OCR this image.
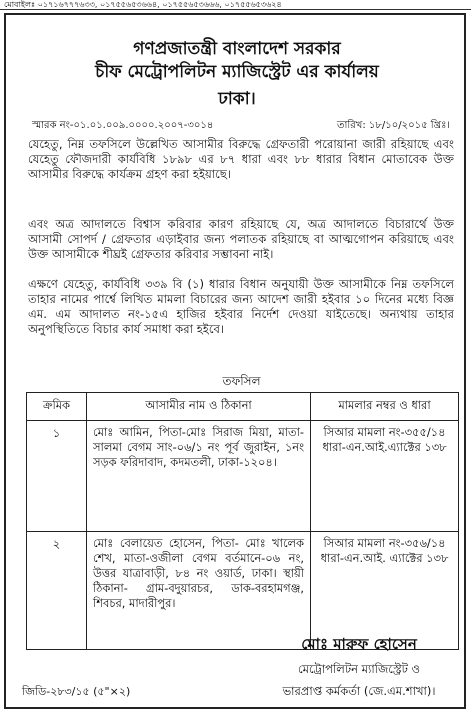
মোবাইলঃ ০১৭১৬৭৭৭৬৩৩, ০১৭৫৫৬৫৩৬৬৪, ০১৭৫৫৬৫৩৬৬৬, ০১৭৫৫৬৫৩৬২৪
গণপ্রজাতন্ত্রী বাংলাদেশ সরকার
চীফ মেট্রোপলিটন ম্যাজিস্ট্রেট এর কার্যালয়
ঢাকা।
স্মারক নং-০১.০১.০০৯.০০০০.২০০৭-৩০১৪	তারিখ: ১৮/১০/২০১৫ খ্রিঃ।

যেহেতু, নিম্ন তফসিলে উল্লেখিত আসামীর বিরুদ্ধে গ্রেফতারী পরোয়ানা জারী রহিয়াছে এবং যেহেতু ফৌজদারী কার্যবিধি ১৮৯৮ এর ৮৭ ধারা এবং ৮৮ ধারার বিধান মোতাবেক উক্ত আসামীর বিরুদ্ধে কার্যক্রম গ্রহণ করা হইয়াছে।

এবং অত্র আদালতে বিশ্বাস করিবার কারণ রহিয়াছে যে, অত্র আদালতে বিচারার্থে উক্ত আসামী সোপর্দ / গ্রেফতার এড়াইবার জন্য পলাতক রহিয়াছে বা আত্মগোপন করিয়াছে এবং উক্ত আসামীকে শীঘ্রই গ্রেফতার করিবার সম্ভাবনা নাই।

এক্ষণে যেহেতু, কার্যবিধি ৩৩৯ বি (১) ধারার বিধান অনুযায়ী উক্ত আসামীকে নিম্ন তফসিলে তাহার নামের পার্শ্বে লিখিত মামলা বিচারের জন্য আদেশ জারী হইবার ১০ দিনের মধ্যে বিজ্ঞ এম. এম আদালত নং-১৫এ হাজির হইবার নির্দেশ দেওয়া যাইতেছে। অন্যথায় তাহার অনুপস্থিতিতে বিচার কার্য সমাধা করা হইবে।

তফসিল
ক্রমিক	আসামীর নাম ও ঠিকানা	মামলার নম্বর ও ধারা
১	মোঃ আমিন, পিতা-মোঃ সিরাজ মিয়া, মাতা-সালমা বেগম সাং-০৬/১ নং পূর্ব জুরাইন, ১নং সড়ক ফরিদাবাদ, কদমতলী, ঢাকা-১২০৪।	সিআর মামলা নং-৩৫৫/১৪ ধারা-এন.আই.এ্যাক্টের ১৩৮
২	মোঃ বেলায়েত হোসেন, পিতা- মোঃ খালেক শেখ, মাতা-ওজীলা বেগম বর্তমানে-০৬ নং, উত্তর যাত্রাবাড়ী, ৮৪ নং ওয়ার্ড, ঢাকা। স্থায়ী ঠিকানা- গ্রাম-বদুয়ারচর, ডাক-বরহামগঞ্জ, শিবচর, মাদারীপুর।	সিআর মামলা নং-৩৫৬/১৪ ধারা-এন.আই. এ্যাক্টের ১৩৮
মোঃ মারুফ হোসেন
মেট্রোপলিটন ম্যাজিস্ট্রেট ও
ভারপ্রাপ্ত কর্মকর্তা (জে.এম.শাখা)।
জিডি-২৮৩/১৫ (৫"×২)
